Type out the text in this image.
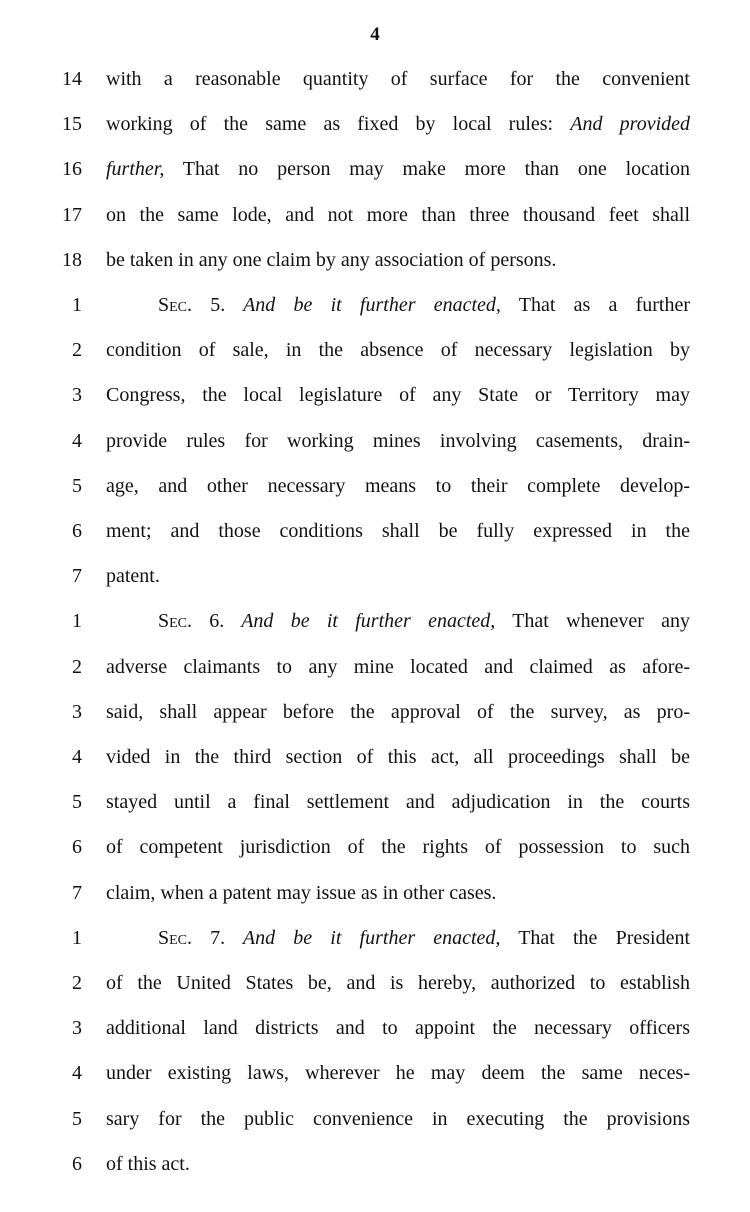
4
14 with a reasonable quantity of surface for the convenient
15 working of the same as fixed by local rules: And provided
16 further, That no person may make more than one location
17 on the same lode, and not more than three thousand feet shall
18 be taken in any one claim by any association of persons.
1	Sec. 5. And be it further enacted, That as a further
2 condition of sale, in the absence of necessary legislation by
3 Congress, the local legislature of any State or Territory may
4 provide rules for working mines involving casements, drain-
5 age, and other necessary means to their complete develop-
6 ment; and those conditions shall be fully expressed in the
7 patent.
1	Sec. 6. And be it further enacted, That whenever any
2 adverse claimants to any mine located and claimed as afore-
3 said, shall appear before the approval of the survey, as pro-
4 vided in the third section of this act, all proceedings shall be
5 stayed until a final settlement and adjudication in the courts
6 of competent jurisdiction of the rights of possession to such
7 claim, when a patent may issue as in other cases.
1	Sec. 7. And be it further enacted, That the President
2 of the United States be, and is hereby, authorized to establish
3 additional land districts and to appoint the necessary officers
4 under existing laws, wherever he may deem the same neces-
5 sary for the public convenience in executing the provisions
6 of this act.
